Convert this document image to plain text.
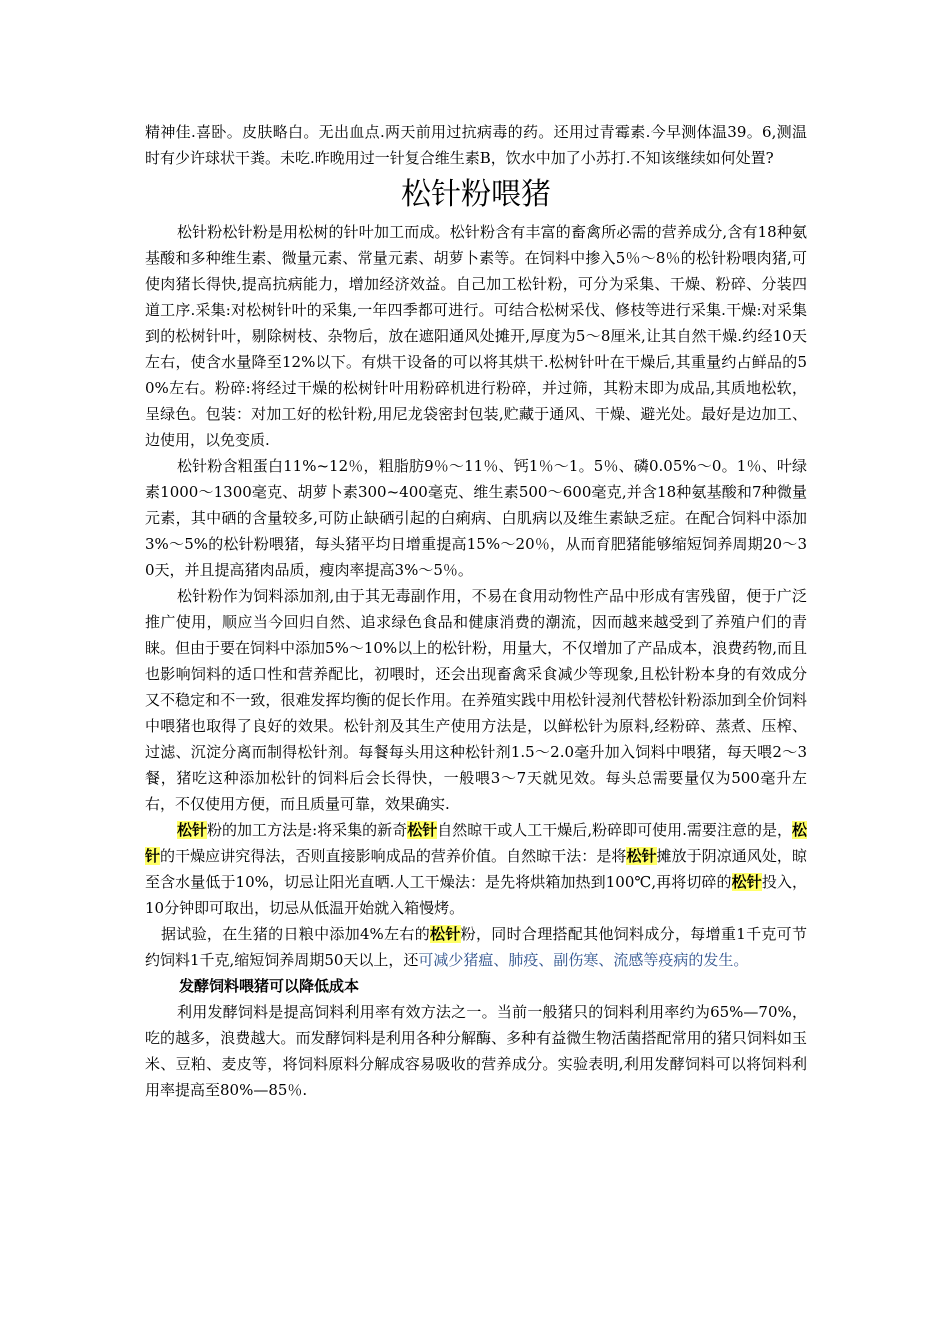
精神佳.喜卧。皮肤略白。无出血点.两天前用过抗病毒的药。还用过青霉素.今早测体温39。6,测温时有少许球状干粪。未吃.昨晚用过一针复合维生素B，饮水中加了小苏打.不知该继续如何处置?

松针粉喂猪

松针粉松针粉是用松树的针叶加工而成。松针粉含有丰富的畜禽所必需的营养成分,含有18种氨基酸和多种维生素、微量元素、常量元素、胡萝卜素等。在饲料中掺入5％～8％的松针粉喂肉猪,可使肉猪长得快,提高抗病能力，增加经济效益。自己加工松针粉，可分为采集、干燥、粉碎、分装四道工序.采集:对松树针叶的采集,一年四季都可进行。可结合松树采伐、修枝等进行采集.干燥:对采集到的松树针叶，剔除树枝、杂物后，放在遮阳通风处摊开,厚度为5～8厘米,让其自然干燥.约经10天左右，使含水量降至12%以下。有烘干设备的可以将其烘干.松树针叶在干燥后,其重量约占鲜品的50%左右。粉碎:将经过干燥的松树针叶用粉碎机进行粉碎，并过筛，其粉末即为成品,其质地松软，呈绿色。包装：对加工好的松针粉,用尼龙袋密封包装,贮藏于通风、干燥、避光处。最好是边加工、边使用，以免变质.

松针粉含粗蛋白11%~12％，粗脂肪9％～11％、钙1％～1。5％、磷0.05%～0。1％、叶绿素1000～1300毫克、胡萝卜素300~400毫克、维生素500～600毫克,并含18种氨基酸和7种微量元素，其中硒的含量较多,可防止缺硒引起的白痢病、白肌病以及维生素缺乏症。在配合饲料中添加3%～5%的松针粉喂猪，每头猪平均日增重提高15%～20％，从而育肥猪能够缩短饲养周期20～30天，并且提高猪肉品质，瘦肉率提高3%～5％。

松针粉作为饲料添加剂,由于其无毒副作用，不易在食用动物性产品中形成有害残留，便于广泛推广使用，顺应当今回归自然、追求绿色食品和健康消费的潮流，因而越来越受到了养殖户们的青睐。但由于要在饲料中添加5%～10%以上的松针粉，用量大，不仅增加了产品成本，浪费药物,而且也影响饲料的适口性和营养配比，初喂时，还会出现畜禽采食减少等现象,且松针粉本身的有效成分又不稳定和不一致，很难发挥均衡的促长作用。在养殖实践中用松针浸剂代替松针粉添加到全价饲料中喂猪也取得了良好的效果。松针剂及其生产使用方法是，以鲜松针为原料,经粉碎、蒸煮、压榨、过滤、沉淀分离而制得松针剂。每餐每头用这种松针剂1.5～2.0毫升加入饲料中喂猪，每天喂2～3餐，猪吃这种添加松针的饲料后会长得快，一般喂3～7天就见效。每头总需要量仅为500毫升左右，不仅使用方便，而且质量可靠，效果确实.

松针粉的加工方法是:将采集的新奇松针自然晾干或人工干燥后,粉碎即可使用.需要注意的是，松针的干燥应讲究得法，否则直接影响成品的营养价值。自然晾干法：是将松针摊放于阴凉通风处，晾至含水量低于10%，切忌让阳光直晒.人工干燥法：是先将烘箱加热到100℃,再将切碎的松针投入，10分钟即可取出，切忌从低温开始就入箱慢烤。

据试验，在生猪的日粮中添加4%左右的松针粉，同时合理搭配其他饲料成分，每增重1千克可节约饲料1千克,缩短饲养周期50天以上，还可减少猪瘟、肺疫、副伤寒、流感等疫病的发生。

发酵饲料喂猪可以降低成本

利用发酵饲料是提高饲料利用率有效方法之一。当前一般猪只的饲料利用率约为65%—70%，吃的越多，浪费越大。而发酵饲料是利用各种分解酶、多种有益微生物活菌搭配常用的猪只饲料如玉米、豆粕、麦皮等，将饲料原料分解成容易吸收的营养成分。实验表明,利用发酵饲料可以将饲料利用率提高至80%—85％.
